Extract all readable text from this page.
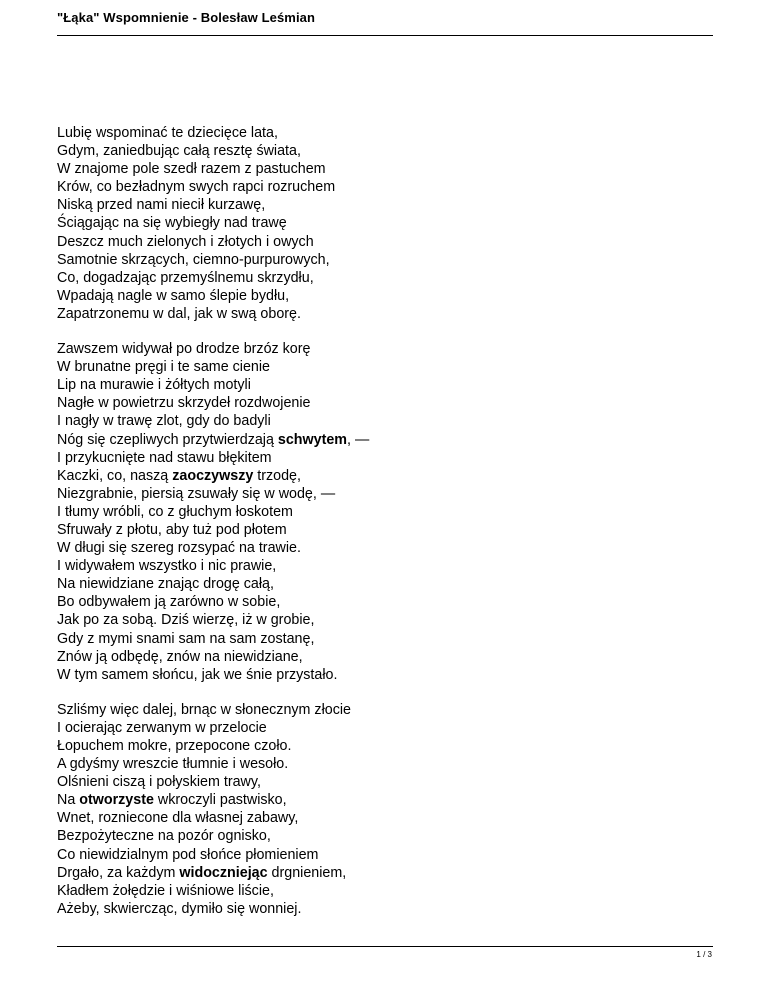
"Łąka" Wspomnienie - Bolesław Leśmian
Lubię wspominać te dziecięce lata,
Gdym, zaniedbując całą resztę świata,
W znajome pole szedł razem z pastuchem
Krów, co bezładnym swych rapci rozruchem
Niską przed nami niecił kurzawę,
Ściągając na się wybiegły nad trawę
Deszcz much zielonych i złotych i owych
Samotnie skrzących, ciemno-purpurowych,
Co, dogadzając przemyślnemu skrzydłu,
Wpadają nagle w samo ślepie bydłu,
Zapatrzonemu w dal, jak w swą oborę.
Zawszem widywał po drodze brzóz korę
W brunatne pręgi i te same cienie
Lip na murawie i żółtych motyli
Nagłe w powietrzu skrzydeł rozdwojenie
I nagły w trawę zlot, gdy do badyli
Nóg się czepliwych przytwierdzają schwytem, —
I przykucnięte nad stawu błękitem
Kaczki, co, naszą zaoczywszy trzodę,
Niezgrabnie, piersią zsuwały się w wodę, —
I tłumy wróbli, co z głuchym łoskotem
Sfruwały z płotu, aby tuż pod płotem
W długi się szereg rozsypać na trawie.
I widywałem wszystko i nic prawie,
Na niewidziane znając drogę całą,
Bo odbywałem ją zarówno w sobie,
Jak po za sobą. Dziś wierzę, iż w grobie,
Gdy z mymi snami sam na sam zostanę,
Znów ją odbędę, znów na niewidziane,
W tym samem słońcu, jak we śnie przystało.
Szliśmy więc dalej, brnąc w słonecznym złocie
I ocierając zerwanym w przelocie
Łopuchem mokre, przepocone czoło.
A gdyśmy wreszcie tłumnie i wesoło.
Olśnieni ciszą i połyskiem trawy,
Na otworzyste wkroczyli pastwisko,
Wnet, rozniecone dla własnej zabawy,
Bezpożyteczne na pozór ognisko,
Co niewidzialnym pod słońce płomieniem
Drgało, za każdym widoczniejąc drgnieniem,
Kładłem żołędzie i wiśniowe liście,
Ażeby, skwiercząc, dymiło się wonniej.
1 / 3
